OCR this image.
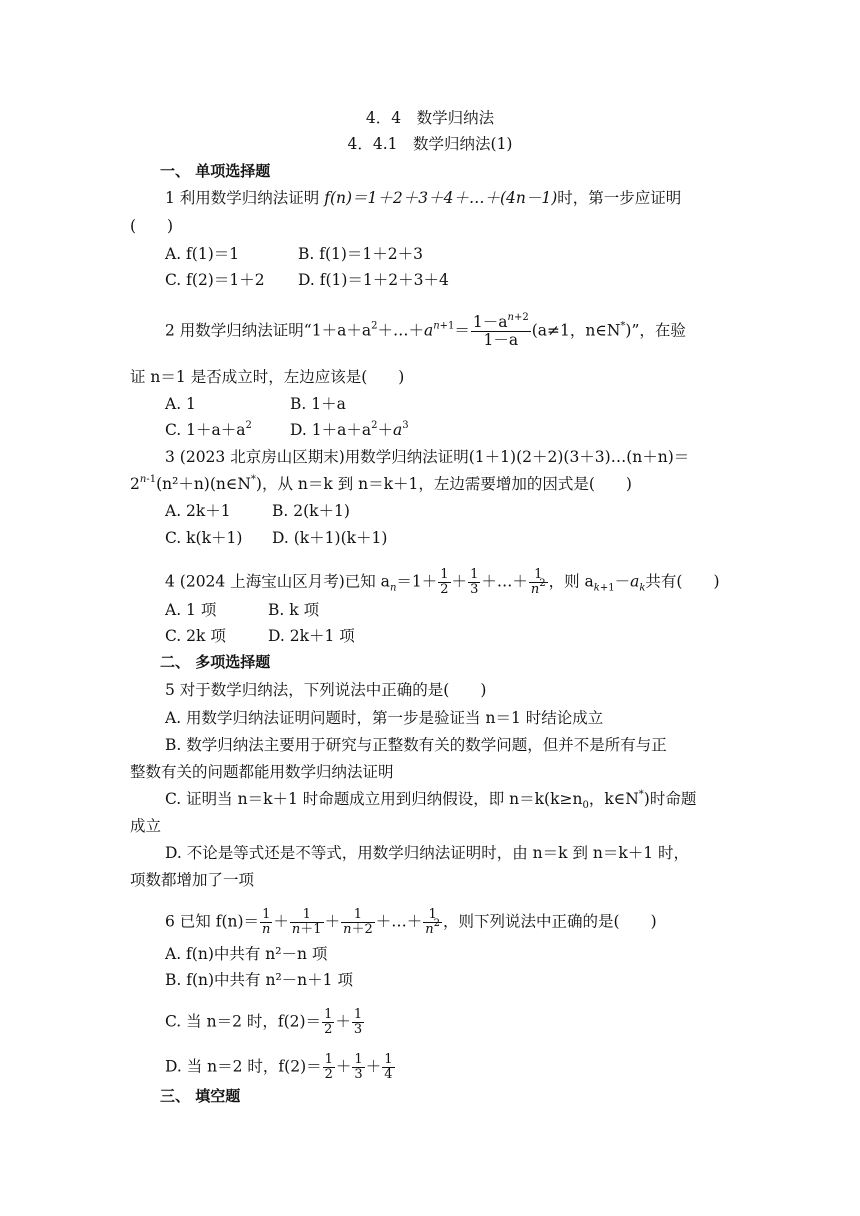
4．4　数学归纳法
4．4.1　数学归纳法(1)
一、 单项选择题
1 利用数学归纳法证明 f(n)＝1＋2＋3＋4＋…＋(4n－1)时，第一步应证明
(　　)
A. f(1)＝1	B. f(1)＝1＋2＋3
C. f(2)＝1＋2 D. f(1)＝1＋2＋3＋4
2 用数学归纳法证明“$1+a+a^2+\dots+a^{n+1}= \frac{1-a^{n+2}}{1-a} (a\ne 1$，n∈N*)”，在验
证 n＝1 是否成立时，左边应该是(　　)
A. 1	B. 1＋a
C. $1+a+a^2$ D. $1+a+a^2+a^3$
3 (2023 北京房山区期末)用数学归纳法证明(1＋1)(2＋2)(3＋3)…(n＋n)＝
$2^{n-1}(n^2+n)(n\in N^*)$，从 n＝k 到 n＝k＋1，左边需要增加的因式是(　　)
A. 2k＋1	B. 2(k＋1)
C. k(k＋1) D. (k＋1)(k＋1)
4 (2024 上海宝山区月考)已知 $a_n=1+ \frac{1}{2} + \frac{1}{3}$ ＋…＋ $\frac{1}{n^2}$ ，则 $a_{k+1}-a_k$共有(　　)
A. 1 项	B. k 项
C. 2k 项	D. 2k＋1 项
二、 多项选择题
5 对于数学归纳法，下列说法中正确的是(　　)
A. 用数学归纳法证明问题时，第一步是验证当 n＝1 时结论成立
B. 数学归纳法主要用于研究与正整数有关的数学问题，但并不是所有与正
整数有关的问题都能用数学归纳法证明
C. 证明当 n＝k＋1 时命题成立用到归纳假设，即 $n=k(k\ge n_0$，k∈N*)时命题
成立
D. 不论是等式还是不等式，用数学归纳法证明时，由 n＝k 到 n＝k＋1 时，
项数都增加了一项
6 已知 $f(n)= \frac{1}{n} + \frac{1}{n+1} + \frac{1}{n+2}$ ＋…＋ $\frac{1}{n^2}$ ，则下列说法中正确的是(　　)
A. f(n)中共有 n²－n 项
B. f(n)中共有 n²－n＋1 项
C. 当 n＝2 时，$f(2)= \frac{1}{2} + \frac{1}{3}$
D. 当 n＝2 时，$f(2)= \frac{1}{2} + \frac{1}{3} + \frac{1}{4}$
三、 填空题
